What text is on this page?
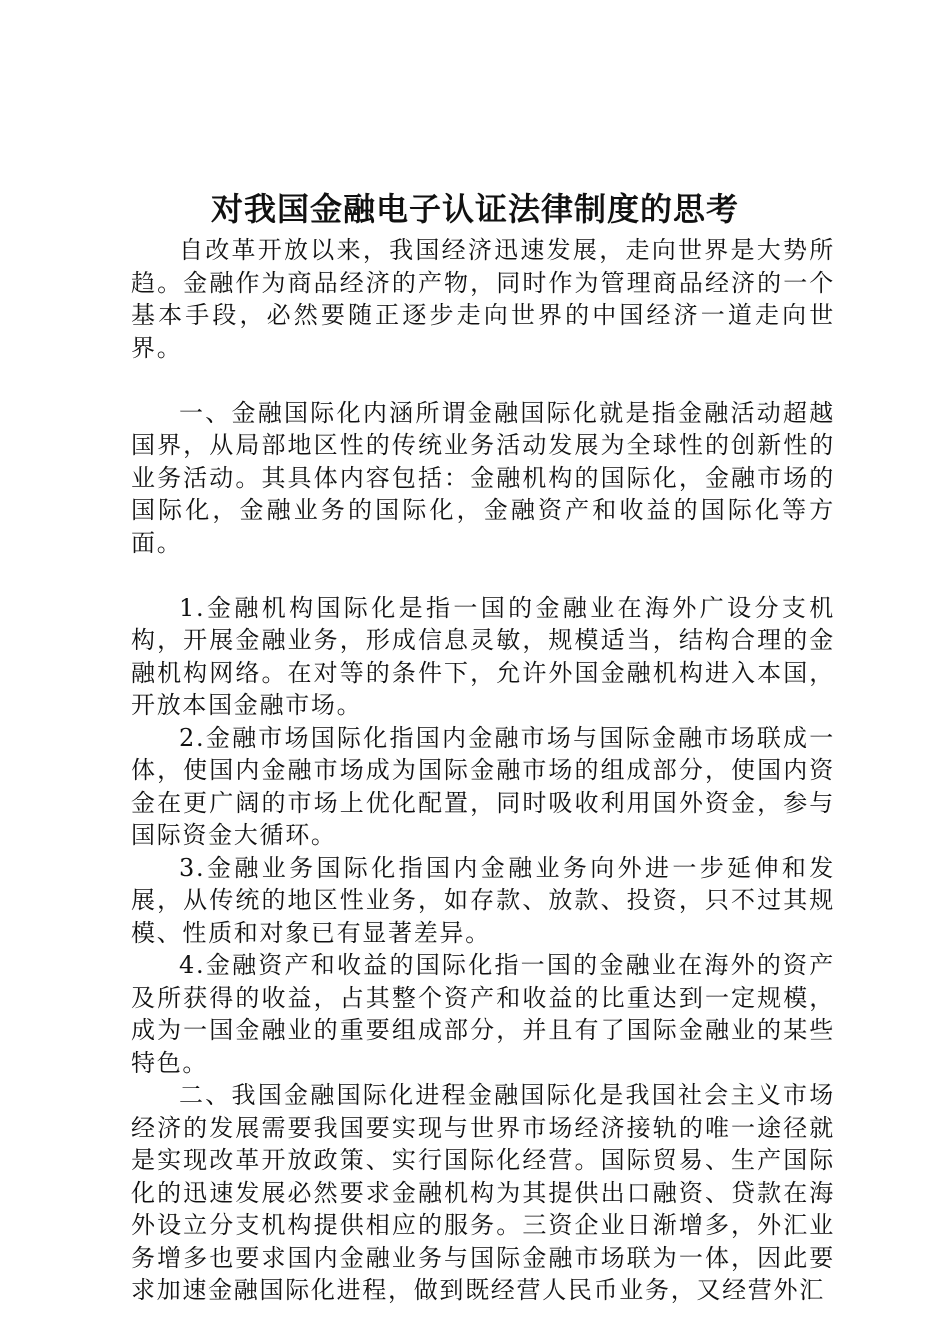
对我国金融电子认证法律制度的思考

自改革开放以来，我国经济迅速发展，走向世界是大势所趋。金融作为商品经济的产物，同时作为管理商品经济的一个基本手段，必然要随正逐步走向世界的中国经济一道走向世界。

一、金融国际化内涵所谓金融国际化就是指金融活动超越国界，从局部地区性的传统业务活动发展为全球性的创新性的业务活动。其具体内容包括：金融机构的国际化，金融市场的国际化，金融业务的国际化，金融资产和收益的国际化等方面。

1.金融机构国际化是指一国的金融业在海外广设分支机构，开展金融业务，形成信息灵敏，规模适当，结构合理的金融机构网络。在对等的条件下，允许外国金融机构进入本国，开放本国金融市场。

2.金融市场国际化指国内金融市场与国际金融市场联成一体，使国内金融市场成为国际金融市场的组成部分，使国内资金在更广阔的市场上优化配置，同时吸收利用国外资金，参与国际资金大循环。

3.金融业务国际化指国内金融业务向外进一步延伸和发展，从传统的地区性业务，如存款、放款、投资，只不过其规模、性质和对象已有显著差异。

4.金融资产和收益的国际化指一国的金融业在海外的资产及所获得的收益，占其整个资产和收益的比重达到一定规模，成为一国金融业的重要组成部分，并且有了国际金融业的某些特色。

二、我国金融国际化进程金融国际化是我国社会主义市场经济的发展需要我国要实现与世界市场经济接轨的唯一途径就是实现改革开放政策、实行国际化经营。国际贸易、生产国际化的迅速发展必然要求金融机构为其提供出口融资、贷款在海外设立分支机构提供相应的服务。三资企业日渐增多，外汇业务增多也要求国内金融业务与国际金融市场联为一体，因此要求加速金融国际化进程，做到既经营人民币业务，又经营外汇
